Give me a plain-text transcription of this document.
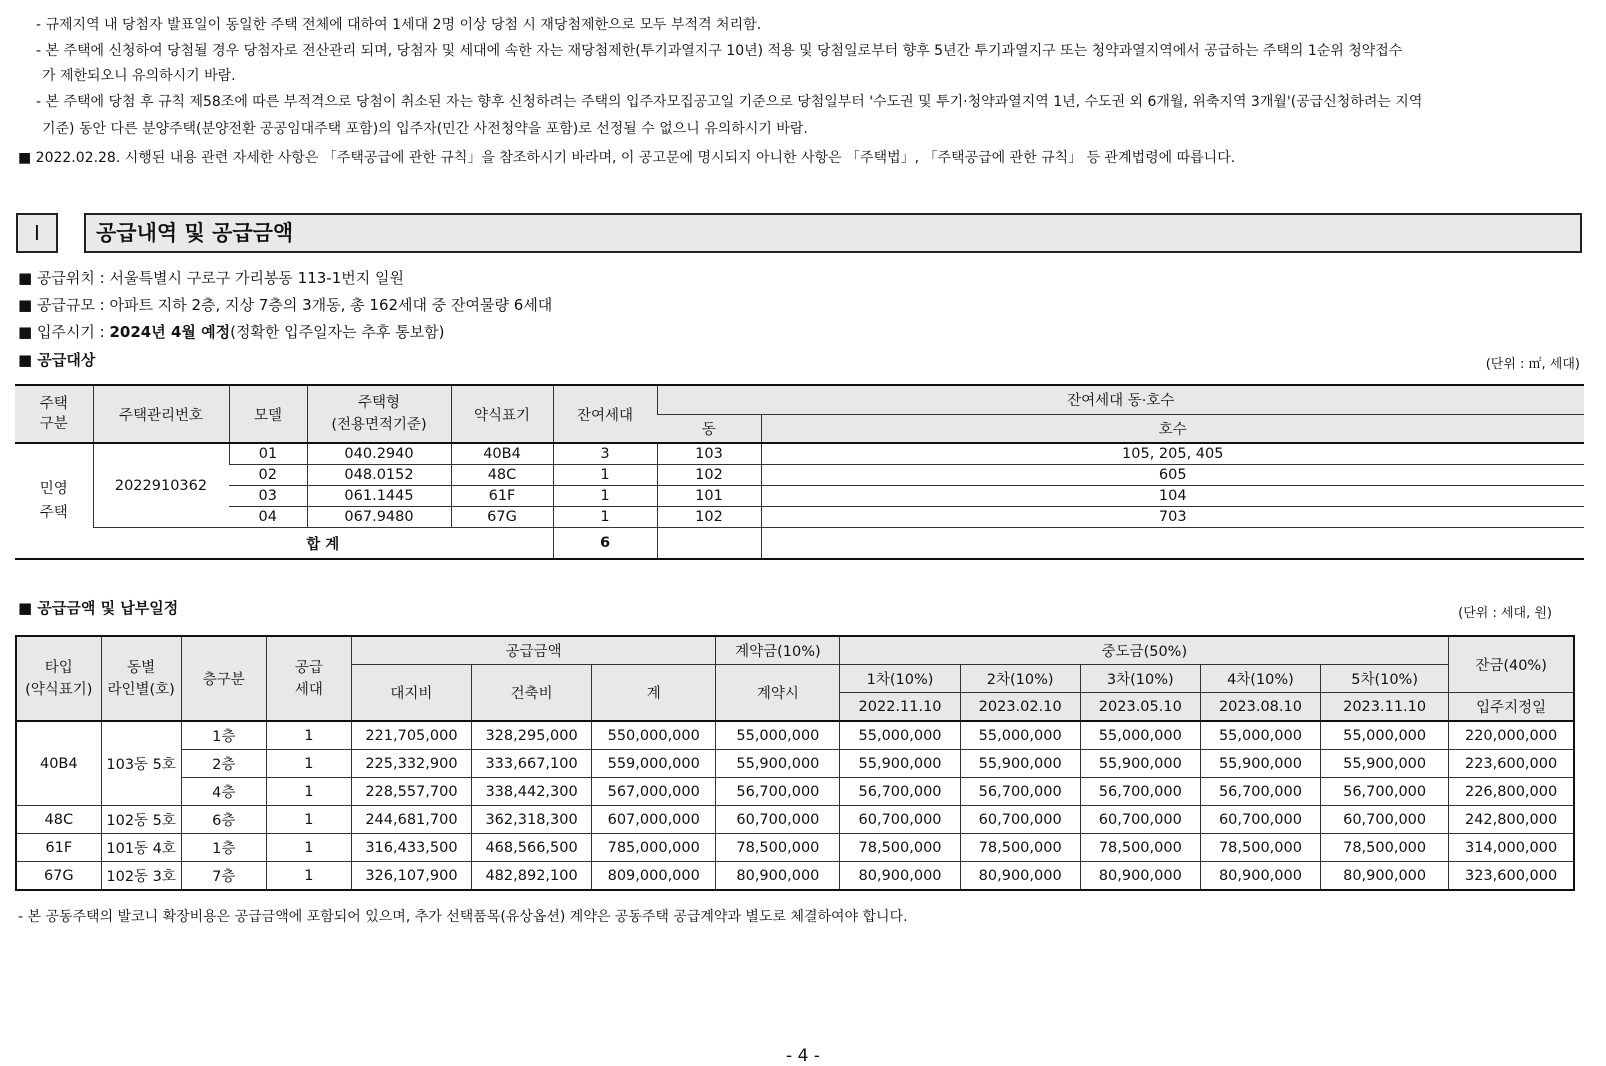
- 규제지역 내 당첨자 발표일이 동일한 주택 전체에 대하여 1세대 2명 이상 당첨 시 재당첨제한으로 모두 부적격 처리함.
- 본 주택에 신청하여 당첨될 경우 당첨자로 전산관리 되며, 당첨자 및 세대에 속한 자는 재당첨제한(투기과열지구 10년) 적용 및 당첨일로부터 향후 5년간 투기과열지구 또는 청약과열지역에서 공급하는 주택의 1순위 청약접수
가 제한되오니 유의하시기 바람.
- 본 주택에 당첨 후 규칙 제58조에 따른 부적격으로 당첨이 취소된 자는 향후 신청하려는 주택의 입주자모집공고일 기준으로 당첨일부터 '수도권 및 투기·청약과열지역 1년, 수도권 외 6개월, 위축지역 3개월'(공급신청하려는 지역
기준) 동안 다른 분양주택(분양전환 공공임대주택 포함)의 입주자(민간 사전청약을 포함)로 선정될 수 없으니 유의하시기 바람.
■ 2022.02.28. 시행된 내용 관련 자세한 사항은 「주택공급에 관한 규칙」을 참조하시기 바라며, 이 공고문에 명시되지 아니한 사항은 「주택법」, 「주택공급에 관한 규칙」 등 관계법령에 따릅니다.
I	공급내역 및 공급금액
■ 공급위치 : 서울특별시 구로구 가리봉동 113-1번지 일원
■ 공급규모 : 아파트 지하 2층, 지상 7층의 3개동, 총 162세대 중 잔여물량 6세대
■ 입주시기 : 2024년 4월 예정(정확한 입주일자는 추후 통보함)
■ 공급대상	(단위 : ㎡, 세대)
주택
구분	주택관리번호	모델	주택형
(전용면적기준)	약식표기	잔여세대	잔여세대 동·호수	
						동	호수
민영
주택	2022910362	01	040.2940	40B4	3	103	105, 205, 405
		02	048.0152	48C	1	102	605
		03	061.1445	61F	1	101	104
		04	067.9480	67G	1	102	703
	합 계				6		
■ 공급금액 및 납부일정	(단위 : 세대, 원)
타입
(약식표기)	동별
라인별(호)	층구분	공급
세대	공급금액			계약금(10%)	중도금(50%)					잔금(40%)
				대지비	건축비	계	계약시	1차(10%)	2차(10%)	3차(10%)	4차(10%)	5차(10%)	
								2022.11.10	2023.02.10	2023.05.10	2023.08.10	2023.11.10	입주지정일
40B4	103동 5호	1층	1	221,705,000	328,295,000	550,000,000	55,000,000	55,000,000	55,000,000	55,000,000	55,000,000	55,000,000	220,000,000
		2층	1	225,332,900	333,667,100	559,000,000	55,900,000	55,900,000	55,900,000	55,900,000	55,900,000	55,900,000	223,600,000
		4층	1	228,557,700	338,442,300	567,000,000	56,700,000	56,700,000	56,700,000	56,700,000	56,700,000	56,700,000	226,800,000
48C	102동 5호	6층	1	244,681,700	362,318,300	607,000,000	60,700,000	60,700,000	60,700,000	60,700,000	60,700,000	60,700,000	242,800,000
61F	101동 4호	1층	1	316,433,500	468,566,500	785,000,000	78,500,000	78,500,000	78,500,000	78,500,000	78,500,000	78,500,000	314,000,000
67G	102동 3호	7층	1	326,107,900	482,892,100	809,000,000	80,900,000	80,900,000	80,900,000	80,900,000	80,900,000	80,900,000	323,600,000
- 본 공동주택의 발코니 확장비용은 공급금액에 포함되어 있으며, 추가 선택품목(유상옵션) 계약은 공동주택 공급계약과 별도로 체결하여야 합니다.
- 4 -
